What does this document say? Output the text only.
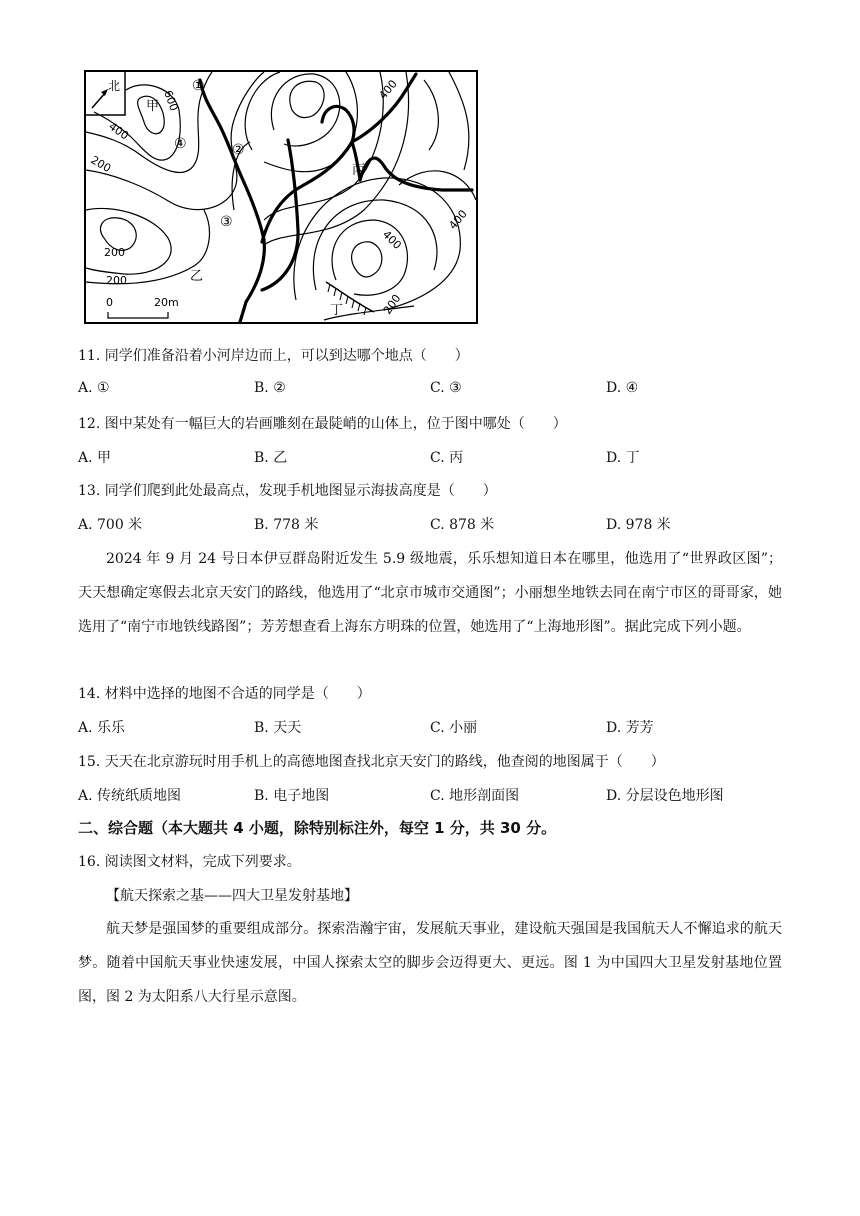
北
600
400
200
400
400
200
400
200
200
甲
乙
丙
丁
①
②
③
④
0	20m
11. 同学们准备沿着小河岸边而上，可以到达哪个地点（　　）
A. ①	B. ②	C. ③	D. ④
12. 图中某处有一幅巨大的岩画雕刻在最陡峭的山体上，位于图中哪处（　　）
A. 甲	B. 乙	C. 丙	D. 丁
13. 同学们爬到此处最高点，发现手机地图显示海拔高度是（　　）
A. 700 米	B. 778 米	C. 878 米	D. 978 米
2024 年 9 月 24 号日本伊豆群岛附近发生 5.9 级地震，乐乐想知道日本在哪里，他选用了“世界政区图”；天天想确定寒假去北京天安门的路线，他选用了“北京市城市交通图”；小丽想坐地铁去同在南宁市区的哥哥家，她选用了“南宁市地铁线路图”；芳芳想查看上海东方明珠的位置，她选用了“上海地形图”。据此完成下列小题。
14. 材料中选择的地图不合适的同学是（　　）
A. 乐乐	B. 天天	C. 小丽	D. 芳芳
15. 天天在北京游玩时用手机上的高德地图查找北京天安门的路线，他查阅的地图属于（　　）
A. 传统纸质地图	B. 电子地图	C. 地形剖面图	D. 分层设色地形图
二、综合题（本大题共 4 小题，除特别标注外，每空 1 分，共 30 分。
16. 阅读图文材料，完成下列要求。
【航天探索之基——四大卫星发射基地】
航天梦是强国梦的重要组成部分。探索浩瀚宇宙，发展航天事业，建设航天强国是我国航天人不懈追求的航天梦。随着中国航天事业快速发展，中国人探索太空的脚步会迈得更大、更远。图 1 为中国四大卫星发射基地位置图，图 2 为太阳系八大行星示意图。
